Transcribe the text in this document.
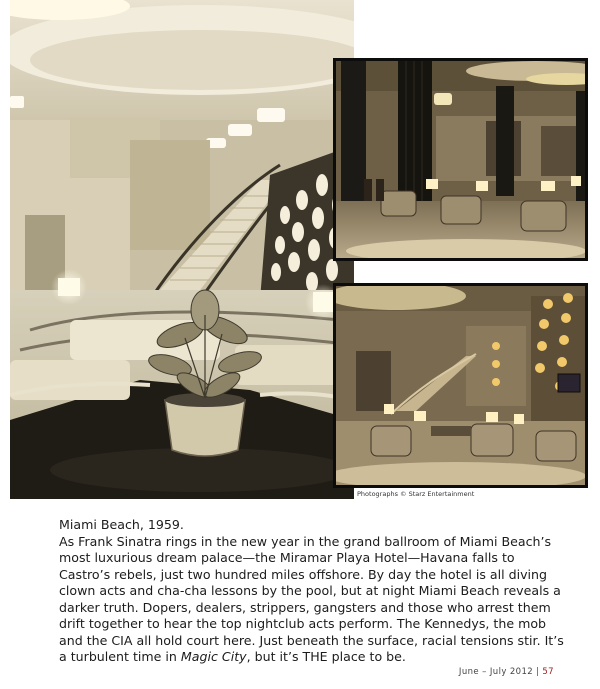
Photographs © Starz Entertainment
Miami Beach, 1959.
As Frank Sinatra rings in the new year in the grand ballroom of Miami Beach’s most luxurious dream palace—the Miramar Playa Hotel—Havana falls to Castro’s rebels, just two hundred miles offshore. By day the hotel is all diving clown acts and cha-cha lessons by the pool, but at night Miami Beach reveals a darker truth. Dopers, dealers, strippers, gangsters and those who arrest them drift together to hear the top nightclub acts perform. The Kennedys, the mob and the CIA all hold court here. Just beneath the surface, racial tensions stir. It’s a turbulent time in Magic City, but it’s THE place to be.
June – July 2012 | 57
